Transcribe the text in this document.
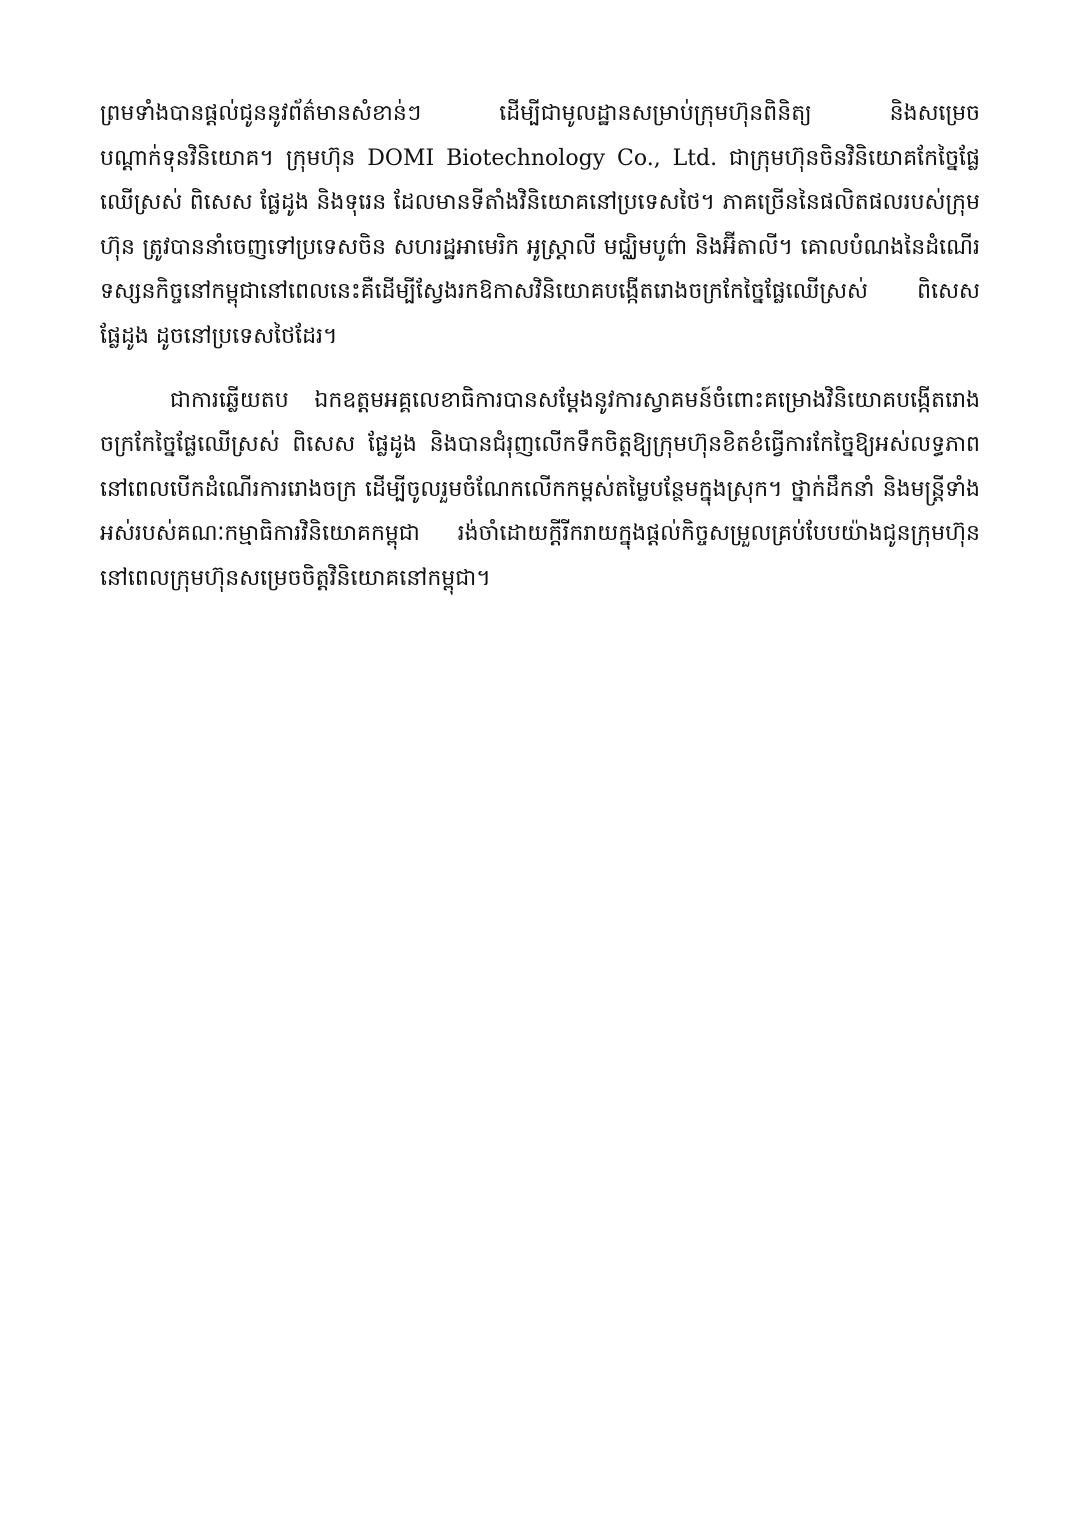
ព្រមទាំងបានផ្តល់ជូននូវព័ត៌មានសំខាន់ៗ ដើម្បីជាមូលដ្ឋានសម្រាប់ក្រុមហ៊ុនពិនិត្យ និងសម្រេចបណ្តាក់ទុនវិនិយោគ។ ក្រុមហ៊ុន DOMI Biotechnology Co., Ltd. ជាក្រុមហ៊ុនចិនវិនិយោគកែច្នៃផ្លែឈើស្រស់ ពិសេស ផ្លែដូង និងទុរេន ដែលមានទីតាំងវិនិយោគនៅប្រទេសថៃ។ ភាគច្រើននៃផលិតផលរបស់ក្រុមហ៊ុន ត្រូវបាននាំចេញទៅប្រទេសចិន សហរដ្ឋអាមេរិក អូស្ត្រាលី មជ្ឈិមបូព៌ា និងអ៊ីតាលី។ គោលបំណងនៃដំណើរទស្សនកិច្ចនៅកម្ពុជានៅពេលនេះគឺដើម្បីស្វែងរកឱកាសវិនិយោគបង្កើតរោងចក្រកែច្នៃផ្លែឈើស្រស់ ពិសេស ផ្លែដូង ដូចនៅប្រទេសថៃដែរ។

ជាការឆ្លើយតប ឯកឧត្តមអគ្គលេខាធិការបានសម្តែងនូវការស្វាគមន៍ចំពោះគម្រោងវិនិយោគបង្កើតរោងចក្រកែច្នៃផ្លែឈើស្រស់ ពិសេស ផ្លែដូង និងបានជំរុញលើកទឹកចិត្តឱ្យក្រុមហ៊ុនខិតខំធ្វើការកែច្នៃឱ្យអស់លទ្ធភាព នៅពេលបើកដំណើរការរោងចក្រ ដើម្បីចូលរួមចំណែកលើកកម្ពស់តម្លៃបន្ថែមក្នុងស្រុក។ ថ្នាក់ដឹកនាំ និងមន្ត្រីទាំងអស់របស់គណៈកម្មាធិការវិនិយោគកម្ពុជា រង់ចាំដោយក្តីរីករាយក្នុងផ្តល់កិច្ចសម្រួលគ្រប់បែបយ៉ាងជូនក្រុមហ៊ុននៅពេលក្រុមហ៊ុនសម្រេចចិត្តវិនិយោគនៅកម្ពុជា។
